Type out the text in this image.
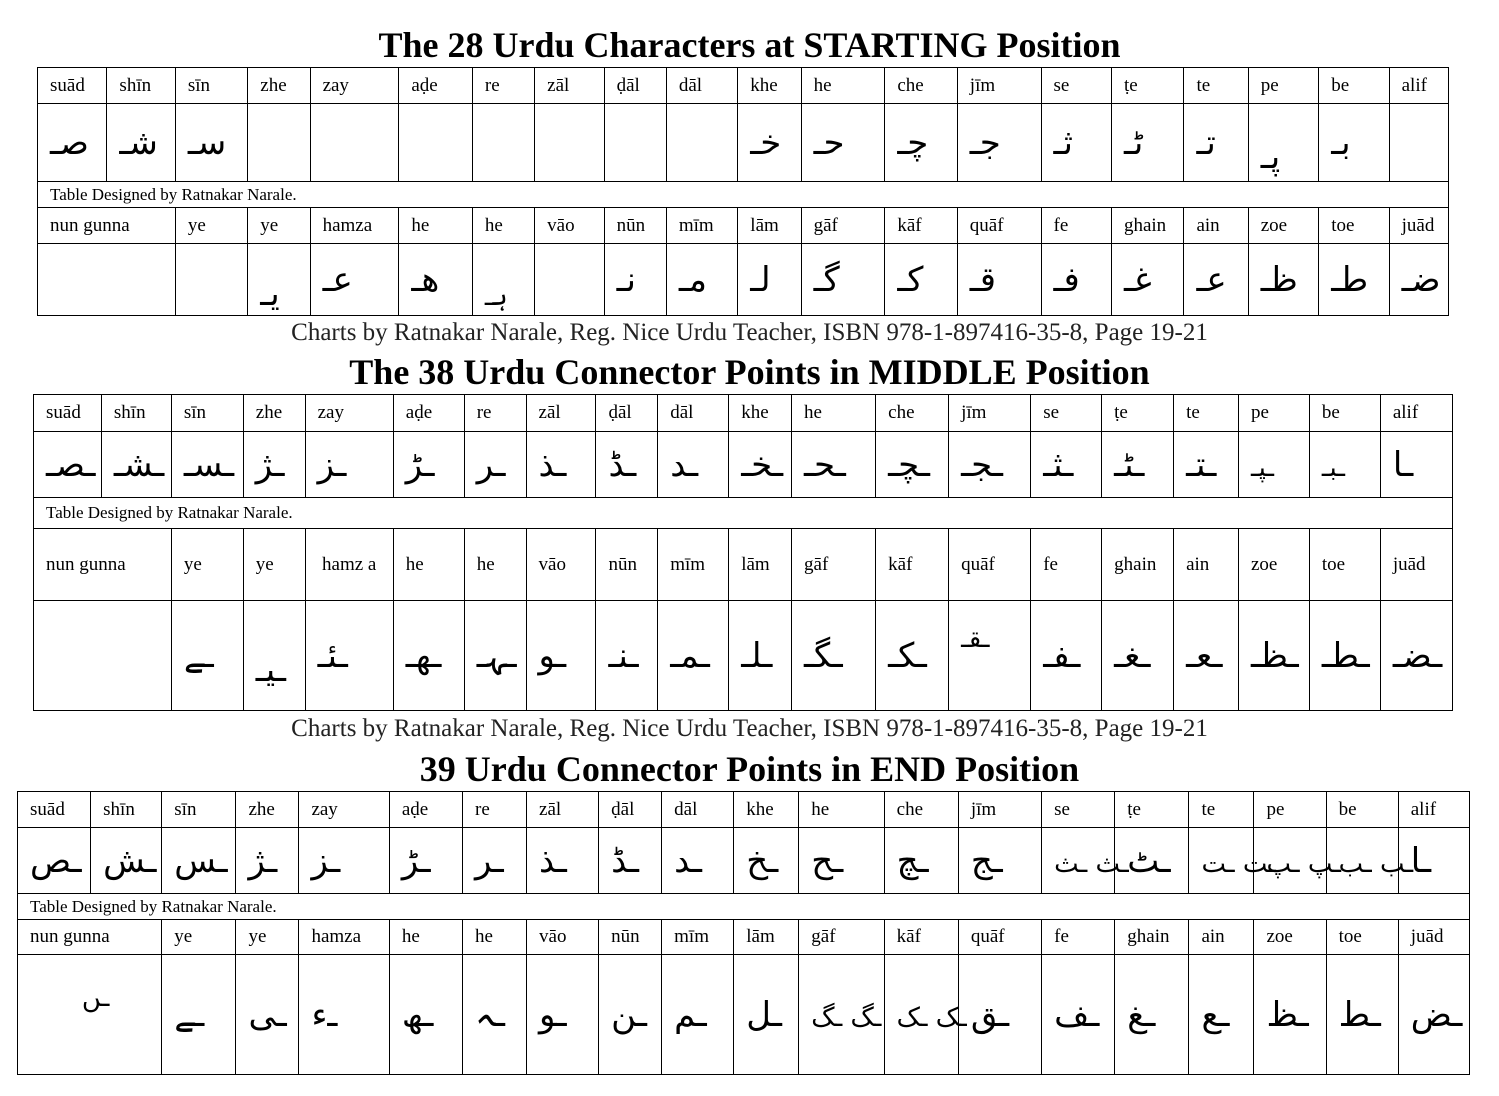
The 28 Urdu Characters at STARTING Position
suād	shīn	sīn	zhe	zay	aḍe	re	zāl	ḍāl	dāl	khe	he	che	jīm	se	ṭe	te	pe	be	alif
صـ	شـ	سـ								خـ	حـ	چـ	جـ	ثـ	ٹـ	تـ	پـ	بـ	
Table Designed by Ratnakar Narale.																			
nun gunna		ye	ye	hamza	he	he	vāo	nūn	mīm	lām	gāf	kāf	quāf	fe	ghain	ain	zoe	toe	juād
			یـ	عـ	ھـ	ہـ		نـ	مـ	لـ	گـ	کـ	قـ	فـ	غـ	عـ	ظـ	طـ	ضـ
Charts by Ratnakar Narale, Reg. Nice Urdu Teacher, ISBN 978-1-897416-35-8, Page 19-21
The 38 Urdu Connector Points in MIDDLE Position
suād	shīn	sīn	zhe	zay	aḍe	re	zāl	ḍāl	dāl	khe	he	che	jīm	se	ṭe	te	pe	be	alif
ـصـ	ـشـ	ـسـ	ـژ	ـز	ـڑ	ـر	ـذ	ـڈ	ـد	ـخـ	ـحـ	ـچـ	ـجـ	ـثـ	ـٹـ	ـتـ	ـپـ	ـبـ	ـا
Table Designed by Ratnakar Narale.																			
nun gunna		ye	ye	hamz a	he	he	vāo	nūn	mīm	lām	gāf	kāf	quāf	fe	ghain	ain	zoe	toe	juād
		ـے	ـیـ	ـئـ	ـھـ	ـہـ	ـو	ـنـ	ـمـ	ـلـ	ـگـ	ـکـ	ـقـ	ـفـ	ـغـ	ـعـ	ـظـ	ـطـ	ـضـ
Charts by Ratnakar Narale, Reg. Nice Urdu Teacher, ISBN 978-1-897416-35-8, Page 19-21
39 Urdu Connector Points in END Position
suād	shīn	sīn	zhe	zay	aḍe	re	zāl	ḍāl	dāl	khe	he	che	jīm	se	ṭe	te	pe	be	alif
ـص	ـش	ـس	ـژ	ـز	ـڑ	ـر	ـذ	ـڈ	ـد	ـخ	ـح	ـچ	ـج	ـث ـث	ـٹ	ـت ـت	ـپ ـپ	ـب ـب	ـا
Table Designed by Ratnakar Narale.																			
nun gunna		ye	ye	hamza	he	he	vāo	nūn	mīm	lām	gāf	kāf	quāf	fe	ghain	ain	zoe	toe	juād
ـں		ـے	ـی	ـء	ـھ	ـہ	ـو	ـن	ـم	ـل	ـگ ـگ	ـک ـک	ـق	ـف	ـغ	ـع	ـظ	ـط	ـض
